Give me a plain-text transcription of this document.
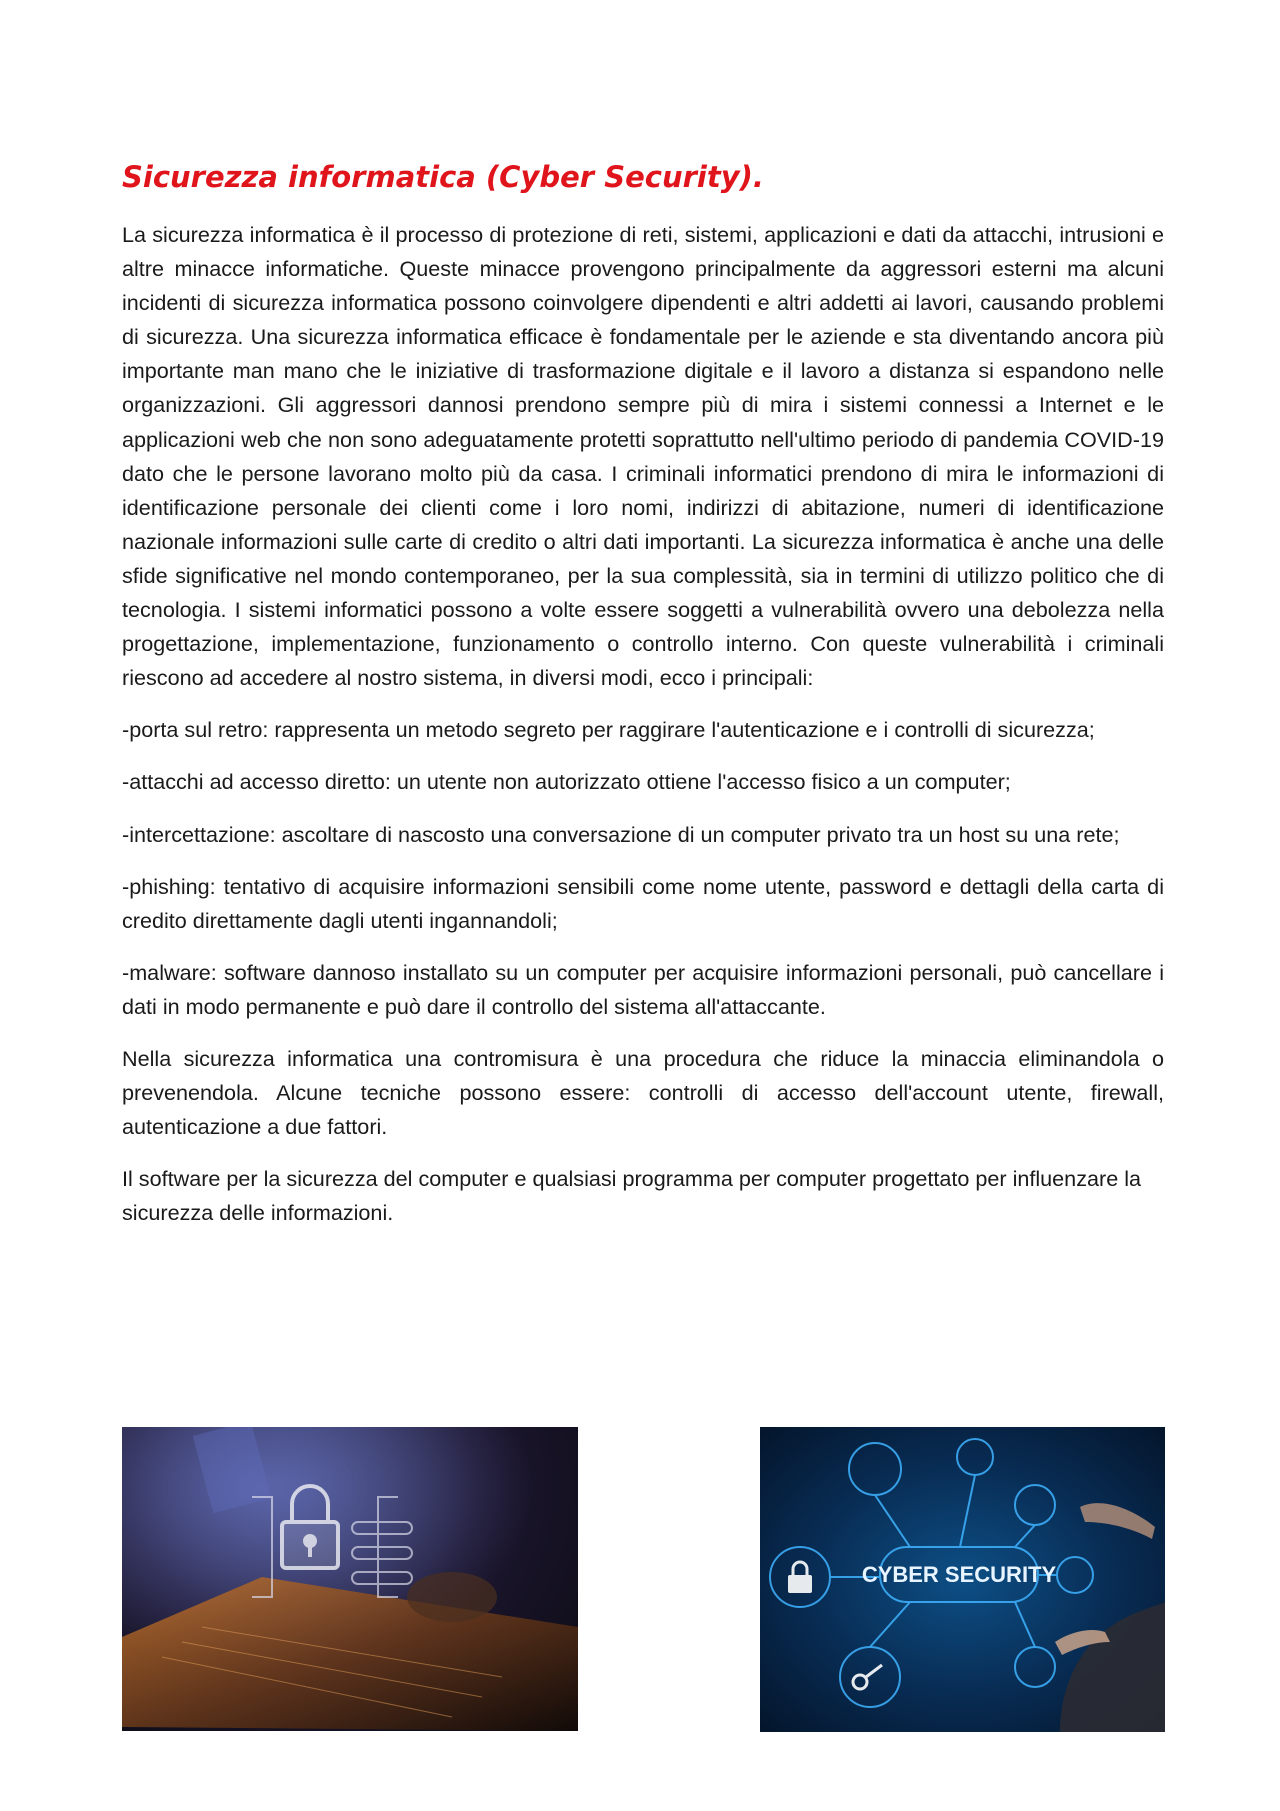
Sicurezza informatica (Cyber Security).

La sicurezza informatica è il processo di protezione di reti, sistemi, applicazioni e dati da attacchi, intrusioni e altre minacce informatiche. Queste minacce provengono principalmente da aggressori esterni ma alcuni incidenti di sicurezza informatica possono coinvolgere dipendenti e altri addetti ai lavori, causando problemi di sicurezza. Una sicurezza informatica efficace è fondamentale per le aziende e sta diventando ancora più importante man mano che le iniziative di trasformazione digitale e il lavoro a distanza si espandono nelle organizzazioni. Gli aggressori dannosi prendono sempre più di mira i sistemi connessi a Internet e le applicazioni web che non sono adeguatamente protetti soprattutto nell'ultimo periodo di pandemia COVID-19 dato che le persone lavorano molto più da casa. I criminali informatici prendono di mira le informazioni di identificazione personale dei clienti come i loro nomi, indirizzi di abitazione, numeri di identificazione nazionale informazioni sulle carte di credito o altri dati importanti. La sicurezza informatica è anche una delle sfide significative nel mondo contemporaneo, per la sua complessità, sia in termini di utilizzo politico che di tecnologia. I sistemi informatici possono a volte essere soggetti a vulnerabilità ovvero una debolezza nella progettazione, implementazione, funzionamento o controllo interno. Con queste vulnerabilità i criminali riescono ad accedere al nostro sistema, in diversi modi, ecco i principali:

-porta sul retro: rappresenta un metodo segreto per raggirare l'autenticazione e i controlli di sicurezza;

-attacchi ad accesso diretto: un utente non autorizzato ottiene l'accesso fisico a un computer;

-intercettazione: ascoltare di nascosto una conversazione di un computer privato tra un host su una rete;

-phishing: tentativo di acquisire informazioni sensibili come nome utente, password e dettagli della carta di credito direttamente dagli utenti ingannandoli;

-malware: software dannoso installato su un computer per acquisire informazioni personali, può cancellare i dati in modo permanente e può dare il controllo del sistema all'attaccante.

Nella sicurezza informatica una contromisura è una procedura che riduce la minaccia eliminandola o prevenendola. Alcune tecniche possono essere: controlli di accesso dell'account utente, firewall, autenticazione a due fattori.

Il software per la sicurezza del computer e qualsiasi programma per computer progettato per influenzare la sicurezza delle informazioni.

CYBER SECURITY
